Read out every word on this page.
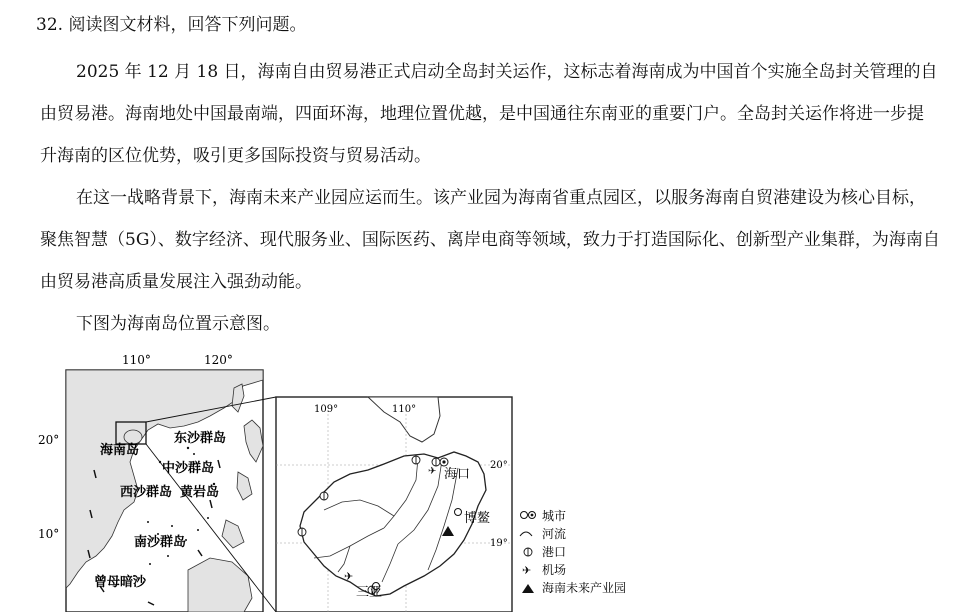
32. 阅读图文材料，回答下列问题。
2025 年 12 月 18 日，海南自由贸易港正式启动全岛封关运作，这标志着海南成为中国首个实施全岛封关管理的自由贸易港。海南地处中国最南端，四面环海，地理位置优越，是中国通往东南亚的重要门户。全岛封关运作将进一步提升海南的区位优势，吸引更多国际投资与贸易活动。
在这一战略背景下，海南未来产业园应运而生。该产业园为海南省重点园区，以服务海南自贸港建设为核心目标，聚焦智慧（5G）、数字经济、现代服务业、国际医药、离岸电商等领域，致力于打造国际化、创新型产业集群，为海南自由贸易港高质量发展注入强劲动能。
下图为海南岛位置示意图。
110°	120°
20°
10°
海南岛
东沙群岛
中沙群岛
西沙群岛 黄岩岛
南沙群岛
曾母暗沙	✈
✈
109°	110°
20°
19°
海口
博鳌
三亚
城市
河流
港口
✈ 机场
海南未来产业园
